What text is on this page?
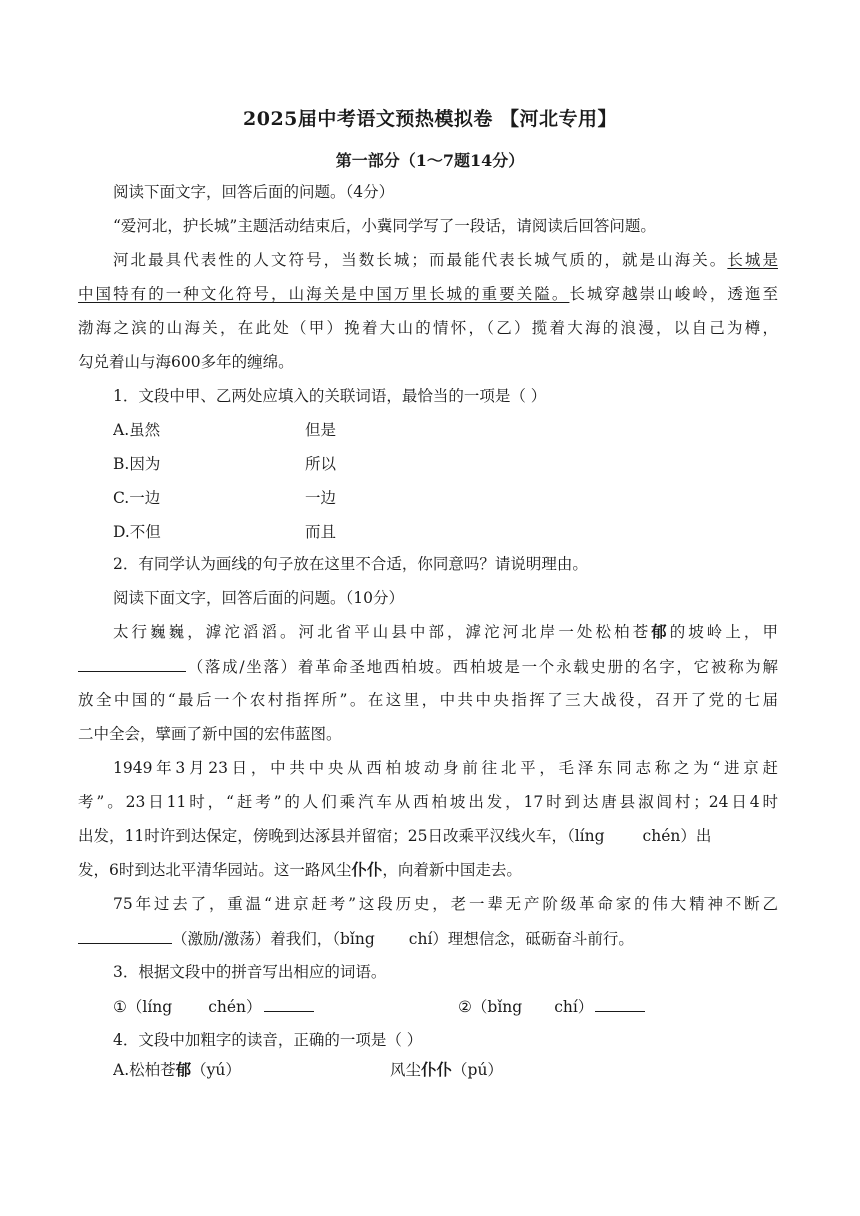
2025届中考语文预热模拟卷 【河北专用】
第一部分（1～7题14分）
阅读下面文字，回答后面的问题。（4分）
“爱河北，护长城”主题活动结束后，小冀同学写了一段话，请阅读后回答问题。
河北最具代表性的人文符号，当数长城；而最能代表长城气质的，就是山海关。长城是
中国特有的一种文化符号，山海关是中国万里长城的重要关隘。长城穿越崇山峻岭，透迤至
渤海之滨的山海关，在此处（甲）挽着大山的情怀，（乙）揽着大海的浪漫，以自己为樽，
勾兑着山与海600多年的缠绵。
1．文段中甲、乙两处应填入的关联词语，最恰当的一项是（ ）
A.虽然	但是
B.因为	所以
C.一边	一边
D.不但	而且
2．有同学认为画线的句子放在这里不合适，你同意吗？请说明理由。
阅读下面文字，回答后面的问题。（10分）
太行巍巍，滹沱滔滔。河北省平山县中部，滹沱河北岸一处松柏苍郁的坡岭上，甲
（落成/坐落）着革命圣地西柏坡。西柏坡是一个永载史册的名字，它被称为解
放全中国的“最后一个农村指挥所”。在这里，中共中央指挥了三大战役，召开了党的七届
二中全会，擘画了新中国的宏伟蓝图。
1949年3月23日，中共中央从西柏坡动身前往北平，毛泽东同志称之为“进京赶
考”。23日11时，“赶考”的人们乘汽车从西柏坡出发，17时到达唐县淑闾村；24日4时
出发，11时许到达保定，傍晚到达涿县并留宿；25日改乘平汉线火车，（líng chén）出
发，6时到达北平清华园站。这一路风尘仆仆，向着新中国走去。
75年过去了，重温“进京赶考”这段历史，老一辈无产阶级革命家的伟大精神不断乙
（激励/激荡）着我们，（bǐng chí）理想信念，砥砺奋斗前行。
3．根据文段中的拼音写出相应的词语。
①（líng chén）	②（bǐng chí）
4．文段中加粗字的读音，正确的一项是（ ）
A.松柏苍郁（yú）	风尘仆仆（pú）
